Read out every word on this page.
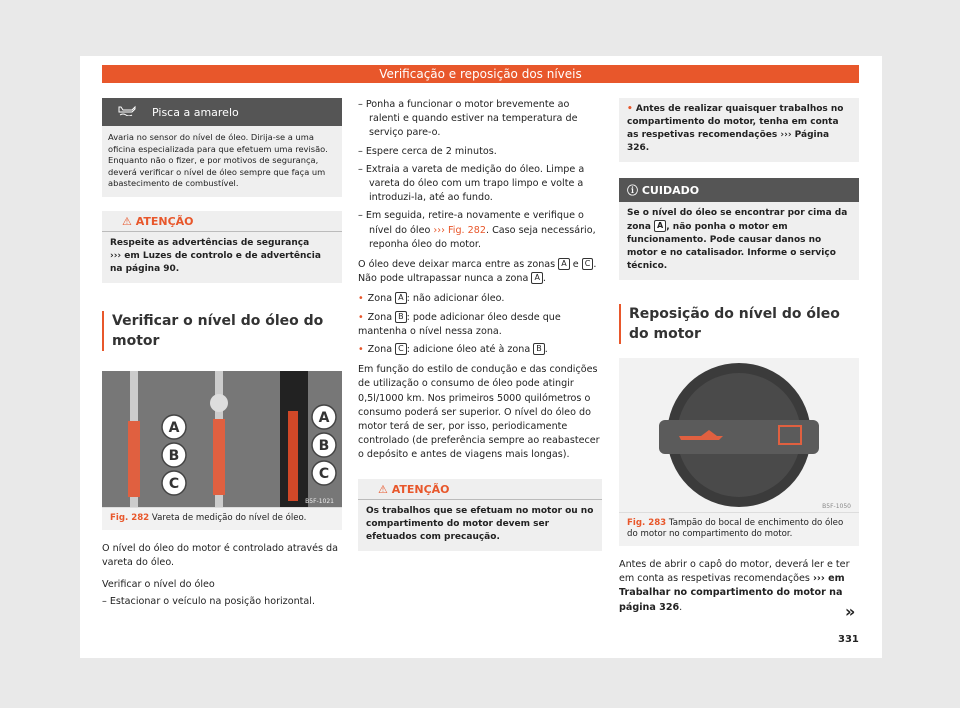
Verificação e reposição dos níveis
Pisca a amarelo
Avaria no sensor do nível de óleo. Dirija-se a uma oficina especializada para que efetuem uma revisão. Enquanto não o fizer, e por motivos de segurança, deverá verificar o nível de óleo sempre que faça um abastecimento de combustível.
⚠ ATENÇÃO
Respeite as advertências de segurança
››› em Luzes de controlo e de advertência na página 90.
Verificar o nível do óleo do motor
A
B
C
A
B
C
B5F-1021
Fig. 282 Vareta de medição do nível de óleo.

O nível do óleo do motor é controlado através da vareta do óleo.

Verificar o nível do óleo

– Estacionar o veículo na posição horizontal.
– Ponha a funcionar o motor brevemente ao ralenti e quando estiver na temperatura de serviço pare-o.
– Espere cerca de 2 minutos.
– Extraia a vareta de medição do óleo. Limpe a vareta do óleo com um trapo limpo e volte a introduzi-la, até ao fundo.
– Em seguida, retire-a novamente e verifique o nível do óleo ››› Fig. 282. Caso seja necessário, reponha óleo do motor.

O óleo deve deixar marca entre as zonas A e C . Não pode ultrapassar nunca a zona A .

• Zona A : não adicionar óleo.
• Zona B : pode adicionar óleo desde que mantenha o nível nessa zona.
• Zona C : adicione óleo até à zona B .

Em função do estilo de condução e das condições de utilização o consumo de óleo pode atingir 0,5l/1000 km. Nos primeiros 5000 quilómetros o consumo poderá ser superior. O nível do óleo do motor terá de ser, por isso, periodicamente controlado (de preferência sempre ao reabastecer o depósito e antes de viagens mais longas).

⚠ ATENÇÃO
Os trabalhos que se efetuam no motor ou no compartimento do motor devem ser efetuados com precaução.
• Antes de realizar quaisquer trabalhos no compartimento do motor, tenha em conta as respetivas recomendações ››› Página 326.
ⓘ CUIDADO
Se o nível do óleo se encontrar por cima da zona A , não ponha o motor em funcionamento. Pode causar danos no motor e no catalisador. Informe o serviço técnico.
Reposição do nível do óleo do motor
B5F-1050
Fig. 283 Tampão do bocal de enchimento do óleo do motor no compartimento do motor.

Antes de abrir o capô do motor, deverá ler e ter em conta as respetivas recomendações ››› em Trabalhar no compartimento do motor na página 326.	»
331
